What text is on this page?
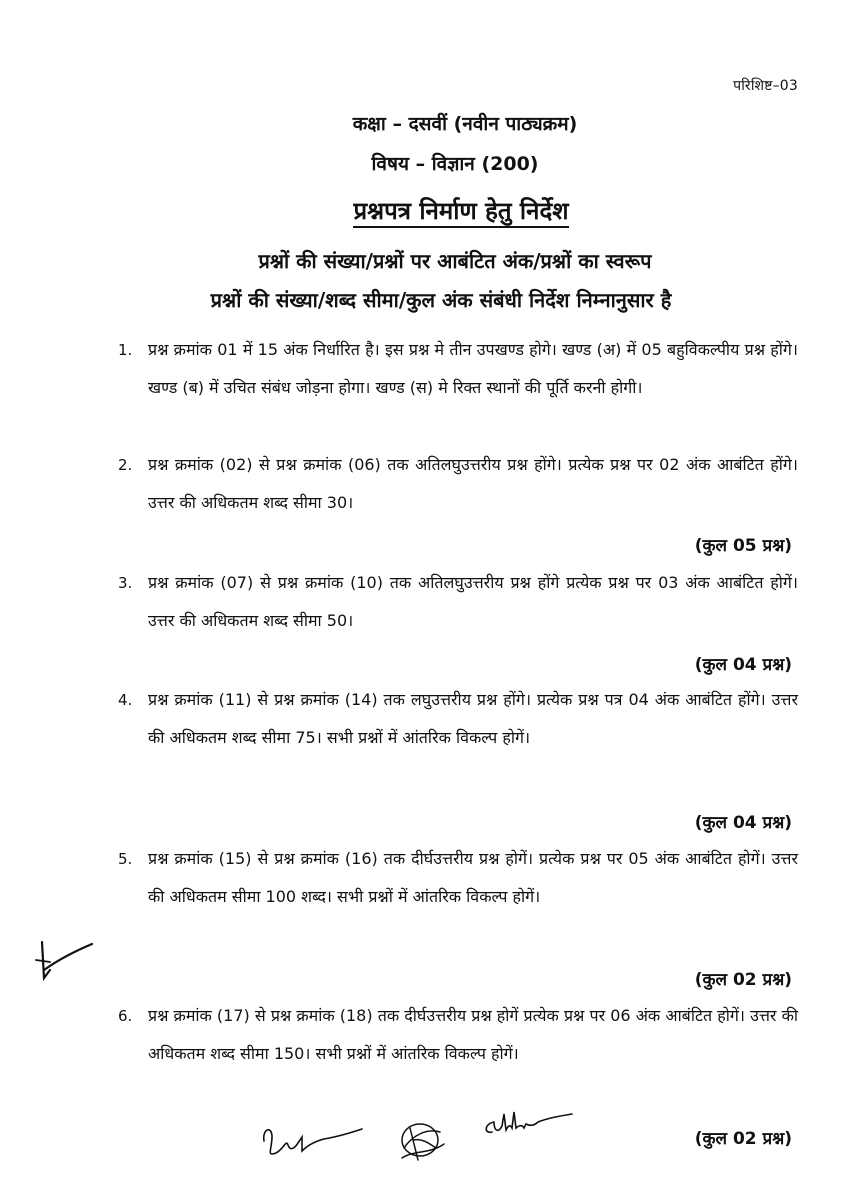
परिशिष्ट–03
कक्षा – दसवीं (नवीन पाठ्यक्रम)
विषय – विज्ञान (200)
प्रश्नपत्र निर्माण हेतु निर्देश
प्रश्नों की संख्या/प्रश्नों पर आबंटित अंक/प्रश्नों का स्वरूप
प्रश्नों की संख्या/शब्द सीमा/कुल अंक संबंधी निर्देश निम्नानुसार है
1. प्रश्न क्रमांक 01 में 15 अंक निर्धारित है। इस प्रश्न मे तीन उपखण्ड होगे। खण्ड (अ) में 05 बहुविकल्पीय प्रश्न होंगे। खण्ड (ब) में उचित संबंध जोड़ना होगा। खण्ड (स) मे रिक्त स्थानों की पूर्ति करनी होगी।
2. प्रश्न क्रमांक (02) से प्रश्न क्रमांक (06) तक अतिलघुउत्तरीय प्रश्न होंगे। प्रत्येक प्रश्न पर 02 अंक आबंटित होंगे। उत्तर की अधिकतम शब्द सीमा 30।
(कुल 05 प्रश्न)
3. प्रश्न क्रमांक (07) से प्रश्न क्रमांक (10) तक अतिलघुउत्तरीय प्रश्न होंगे प्रत्येक प्रश्न पर 03 अंक आबंटित होगें। उत्तर की अधिकतम शब्द सीमा 50।
(कुल 04 प्रश्न)
4. प्रश्न क्रमांक (11) से प्रश्न क्रमांक (14) तक लघुउत्तरीय प्रश्न होंगे। प्रत्येक प्रश्न पत्र 04 अंक आबंटित होंगे। उत्तर की अधिकतम शब्द सीमा 75। सभी प्रश्नों में आंतरिक विकल्प होगें।
(कुल 04 प्रश्न)
5. प्रश्न क्रमांक (15) से प्रश्न क्रमांक (16) तक दीर्घउत्तरीय प्रश्न होगें। प्रत्येक प्रश्न पर 05 अंक आबंटित होगें। उत्तर की अधिकतम सीमा 100 शब्द। सभी प्रश्नों में आंतरिक विकल्प होगें।
(कुल 02 प्रश्न)
6. प्रश्न क्रमांक (17) से प्रश्न क्रमांक (18) तक दीर्घउत्तरीय प्रश्न होगें प्रत्येक प्रश्न पर 06 अंक आबंटित होगें। उत्तर की अधिकतम शब्द सीमा 150। सभी प्रश्नों में आंतरिक विकल्प होगें।
(कुल 02 प्रश्न)
